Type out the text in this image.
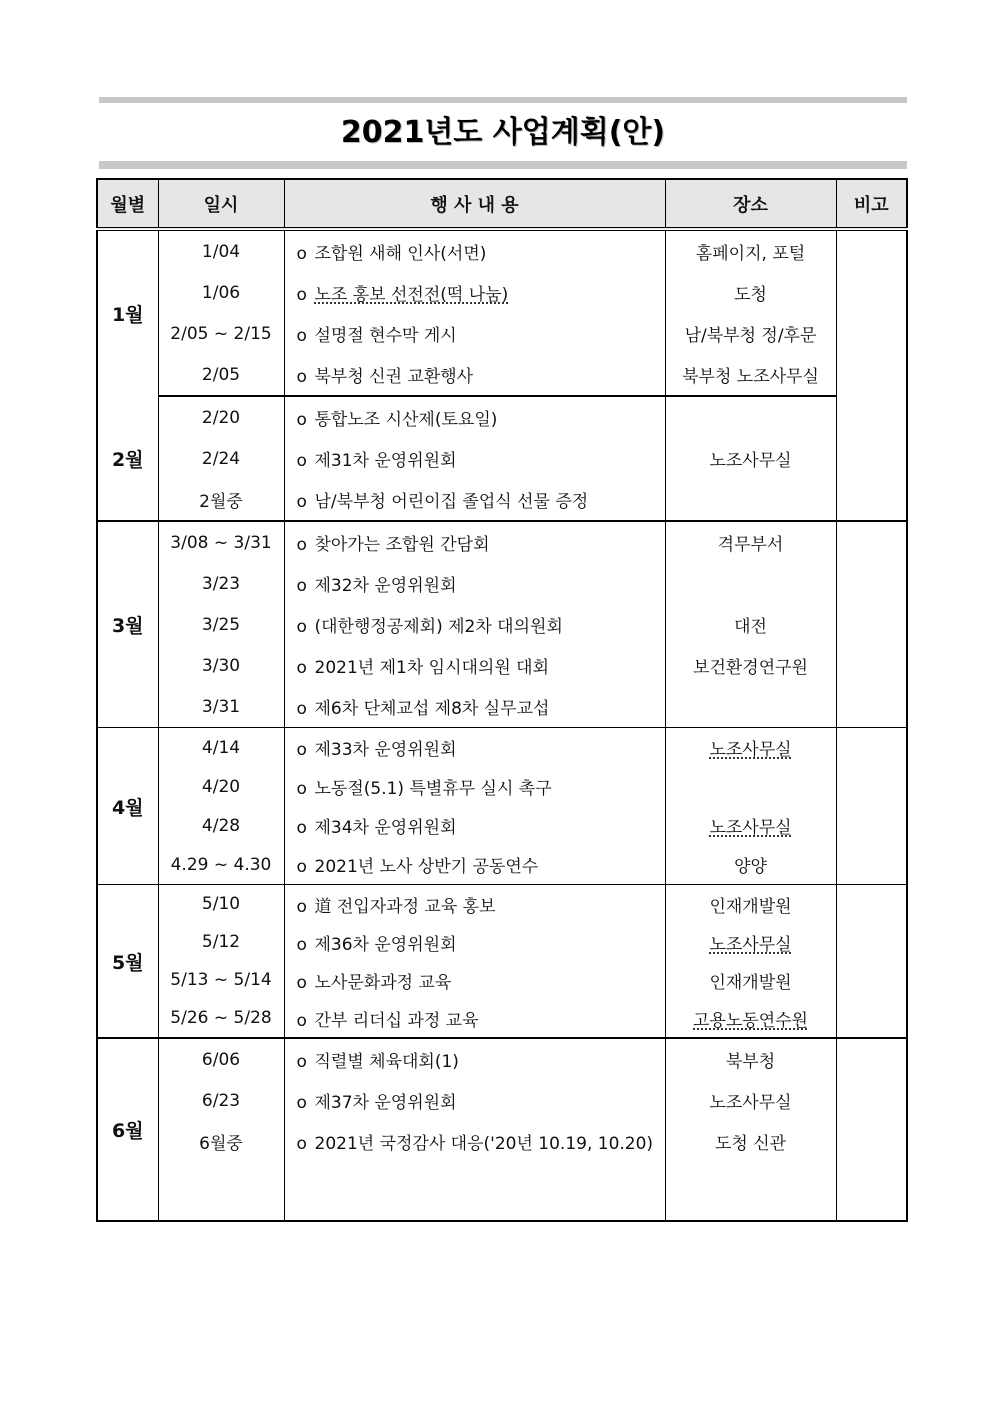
2021년도 사업계획(안)
월별	일시	행 사 내 용	장소	비고
1월	1/04	o 조합원 새해 인사(서면)	홈페이지, 포털	
	1/06	o 노조 홍보 선전전(떡 나눔)	도청	
	2/05 ~ 2/15	o 설명절 현수막 게시	남/북부청 정/후문	
	2/05	o 북부청 신권 교환행사	북부청 노조사무실	
2월	2/20	o 통합노조 시산제(토요일)	노조사무실	
	2/24	o 제31차 운영위원회		
	2월중	o 남/북부청 어린이집 졸업식 선물 증정		
3월	3/08 ~ 3/31	o 찾아가는 조합원 간담회	격무부서	
	3/23	o 제32차 운영위원회		
	3/25	o (대한행정공제회) 제2차 대의원회	대전	
	3/30	o 2021년 제1차 임시대의원 대회	보건환경연구원	
	3/31	o 제6차 단체교섭 제8차 실무교섭		
4월	4/14	o 제33차 운영위원회	노조사무실	
	4/20	o 노동절(5.1) 특별휴무 실시 촉구		
	4/28	o 제34차 운영위원회	노조사무실	
	4.29 ~ 4.30	o 2021년 노사 상반기 공동연수	양양	
5월	5/10	o 道 전입자과정 교육 홍보	인재개발원	
	5/12	o 제36차 운영위원회	노조사무실	
	5/13 ~ 5/14	o 노사문화과정 교육	인재개발원	
	5/26 ~ 5/28	o 간부 리더십 과정 교육	고용노동연수원	
6월	6/06	o 직렬별 체육대회(1)	북부청	
	6/23	o 제37차 운영위원회	노조사무실	
	6월중	o 2021년 국정감사 대응('20년 10.19, 10.20)	도청 신관	
